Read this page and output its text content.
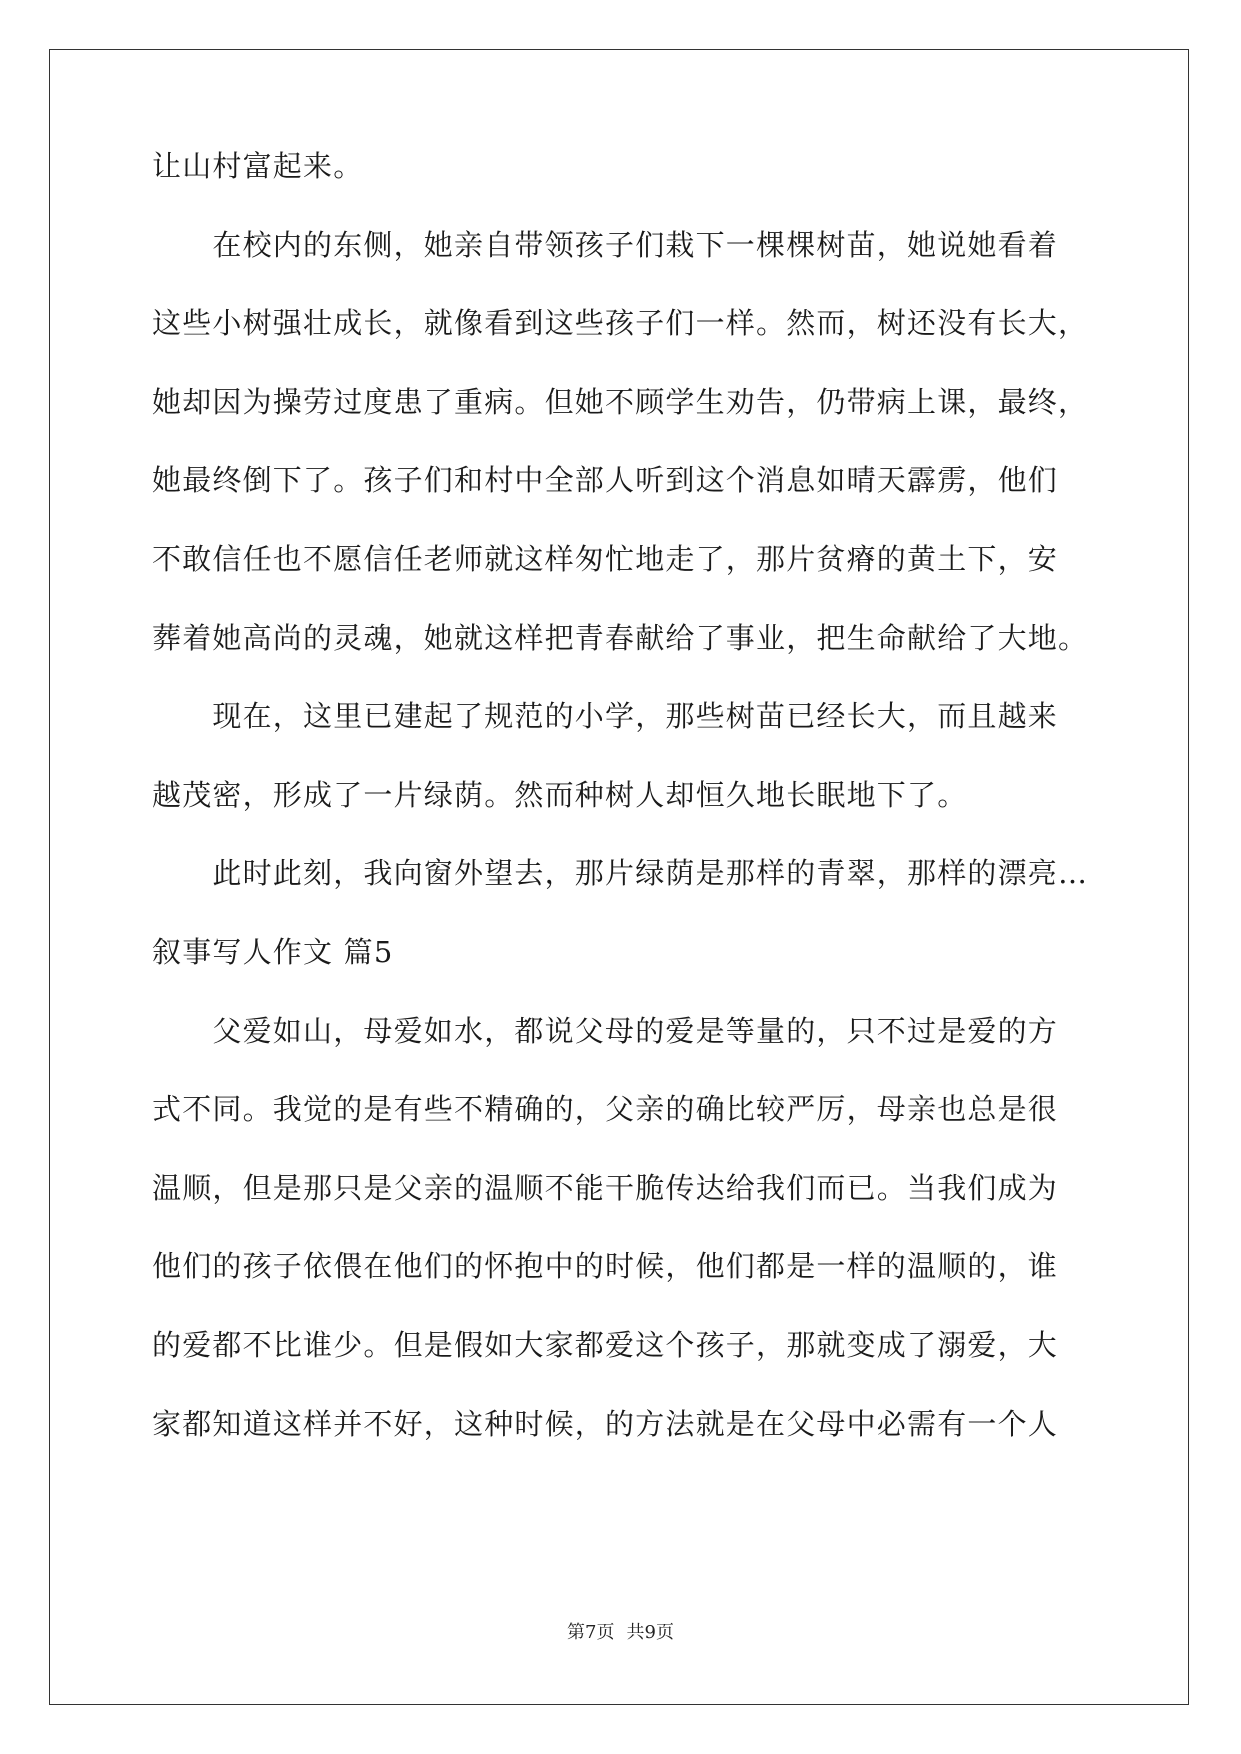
让山村富起来。
　　在校内的东侧，她亲自带领孩子们栽下一棵棵树苗，她说她看着
这些小树强壮成长，就像看到这些孩子们一样。然而，树还没有长大，
她却因为操劳过度患了重病。但她不顾学生劝告，仍带病上课，最终，
她最终倒下了。孩子们和村中全部人听到这个消息如晴天霹雳，他们
不敢信任也不愿信任老师就这样匆忙地走了，那片贫瘠的黄土下，安
葬着她高尚的灵魂，她就这样把青春献给了事业，把生命献给了大地。
　　现在，这里已建起了规范的小学，那些树苗已经长大，而且越来
越茂密，形成了一片绿荫。然而种树人却恒久地长眠地下了。
　　此时此刻，我向窗外望去，那片绿荫是那样的青翠，那样的漂亮…
叙事写人作文 篇5
　　父爱如山，母爱如水，都说父母的爱是等量的，只不过是爱的方
式不同。我觉的是有些不精确的，父亲的确比较严厉，母亲也总是很
温顺，但是那只是父亲的温顺不能干脆传达给我们而已。当我们成为
他们的孩子依偎在他们的怀抱中的时候，他们都是一样的温顺的，谁
的爱都不比谁少。但是假如大家都爱这个孩子，那就变成了溺爱，大
家都知道这样并不好，这种时候，的方法就是在父母中必需有一个人
第7页 共9页
